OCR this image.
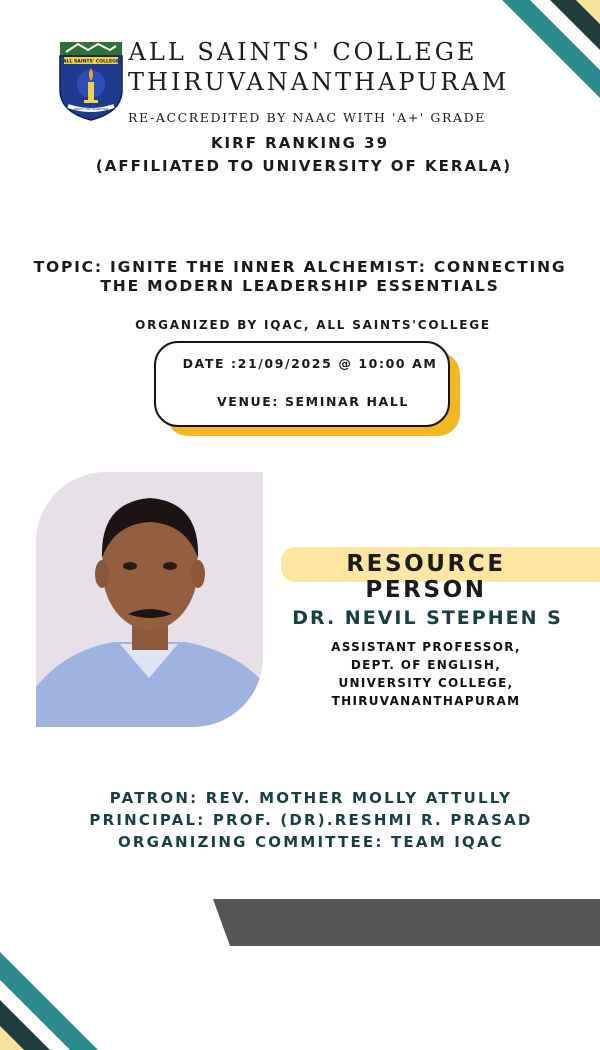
ALL SAINTS' COLLEGE
INFLECT AND TRANSFORM
ALL SAINTS' COLLEGE
THIRUVANANTHAPURAM
RE-ACCREDITED BY NAAC WITH 'A+' GRADE
KIRF RANKING 39
(AFFILIATED TO UNIVERSITY OF KERALA)
TOPIC: IGNITE THE INNER ALCHEMIST: CONNECTING
THE MODERN LEADERSHIP ESSENTIALS
ORGANIZED BY IQAC, ALL SAINTS'COLLEGE
DATE :21/09/2025 @ 10:00 AM
VENUE: SEMINAR HALL
RESOURCE PERSON
DR. NEVIL STEPHEN S
ASSISTANT PROFESSOR,
DEPT. OF ENGLISH,
UNIVERSITY COLLEGE,
THIRUVANANTHAPURAM
PATRON: REV. MOTHER MOLLY ATTULLY
PRINCIPAL: PROF. (DR).RESHMI R. PRASAD
ORGANIZING COMMITTEE: TEAM IQAC
